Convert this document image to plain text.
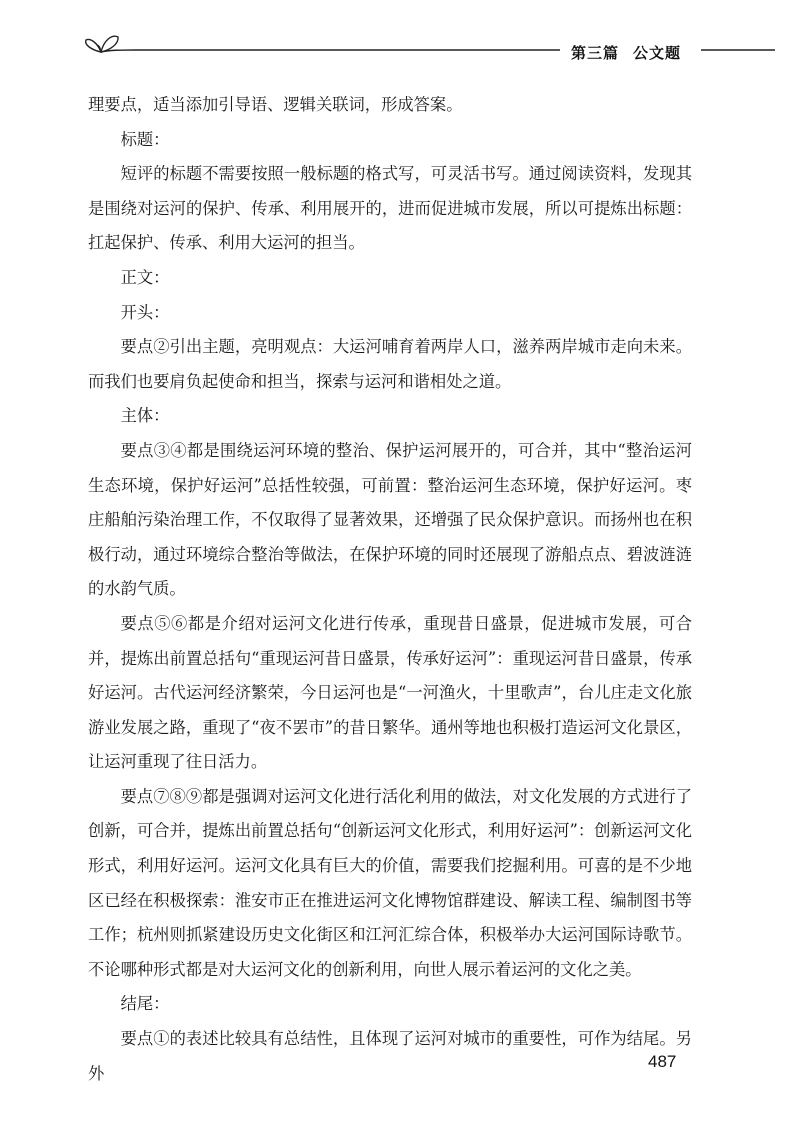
第三篇 公文题

理要点，适当添加引导语、逻辑关联词，形成答案。

标题：

短评的标题不需要按照一般标题的格式写，可灵活书写。通过阅读资料，发现其是围绕对运河的保护、传承、利用展开的，进而促进城市发展，所以可提炼出标题：扛起保护、传承、利用大运河的担当。

正文：

开头：

要点②引出主题，亮明观点：大运河哺育着两岸人口，滋养两岸城市走向未来。而我们也要肩负起使命和担当，探索与运河和谐相处之道。

主体：

要点③④都是围绕运河环境的整治、保护运河展开的，可合并，其中“整治运河生态环境，保护好运河”总括性较强，可前置：整治运河生态环境，保护好运河。枣庄船舶污染治理工作，不仅取得了显著效果，还增强了民众保护意识。而扬州也在积极行动，通过环境综合整治等做法，在保护环境的同时还展现了游船点点、碧波涟涟的水韵气质。

要点⑤⑥都是介绍对运河文化进行传承，重现昔日盛景，促进城市发展，可合并，提炼出前置总括句“重现运河昔日盛景，传承好运河”：重现运河昔日盛景，传承好运河。古代运河经济繁荣，今日运河也是“一河渔火，十里歌声”，台儿庄走文化旅游业发展之路，重现了“夜不罢市”的昔日繁华。通州等地也积极打造运河文化景区，让运河重现了往日活力。

要点⑦⑧⑨都是强调对运河文化进行活化利用的做法，对文化发展的方式进行了创新，可合并，提炼出前置总括句“创新运河文化形式，利用好运河”：创新运河文化形式，利用好运河。运河文化具有巨大的价值，需要我们挖掘利用。可喜的是不少地区已经在积极探索：淮安市正在推进运河文化博物馆群建设、解读工程、编制图书等工作；杭州则抓紧建设历史文化街区和江河汇综合体，积极举办大运河国际诗歌节。不论哪种形式都是对大运河文化的创新利用，向世人展示着运河的文化之美。

结尾：

要点①的表述比较具有总结性，且体现了运河对城市的重要性，可作为结尾。另外

487
